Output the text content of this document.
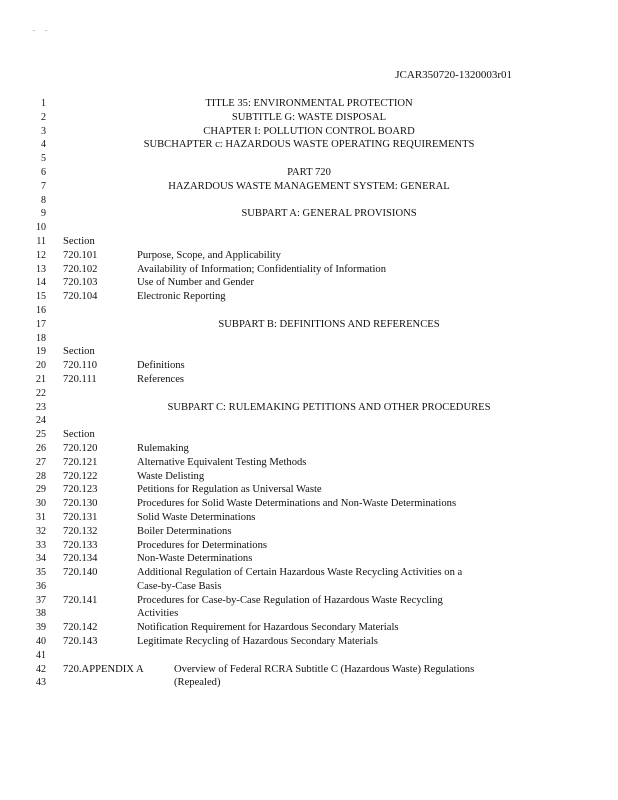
. .
JCAR350720-1320003r01
1	TITLE 35: ENVIRONMENTAL PROTECTION
2	SUBTITLE G: WASTE DISPOSAL
3	CHAPTER I: POLLUTION CONTROL BOARD
4	SUBCHAPTER c: HAZARDOUS WASTE OPERATING REQUIREMENTS
5
6	PART 720
7	HAZARDOUS WASTE MANAGEMENT SYSTEM: GENERAL
8
9	SUBPART A: GENERAL PROVISIONS
10
11 Section
12 720.101	Purpose, Scope, and Applicability
13 720.102	Availability of Information; Confidentiality of Information
14 720.103	Use of Number and Gender
15 720.104	Electronic Reporting
16
17	SUBPART B: DEFINITIONS AND REFERENCES
18
19 Section
20 720.110	Definitions
21 720.111	References
22
23	SUBPART C: RULEMAKING PETITIONS AND OTHER PROCEDURES
24
25 Section
26 720.120	Rulemaking
27 720.121	Alternative Equivalent Testing Methods
28 720.122	Waste Delisting
29 720.123	Petitions for Regulation as Universal Waste
30 720.130	Procedures for Solid Waste Determinations and Non-Waste Determinations
31 720.131	Solid Waste Determinations
32 720.132	Boiler Determinations
33 720.133	Procedures for Determinations
34 720.134	Non-Waste Determinations
35 720.140	Additional Regulation of Certain Hazardous Waste Recycling Activities on a
36	Case-by-Case Basis
37 720.141	Procedures for Case-by-Case Regulation of Hazardous Waste Recycling
38	Activities
39 720.142	Notification Requirement for Hazardous Secondary Materials
40 720.143	Legitimate Recycling of Hazardous Secondary Materials
41
42 720.APPENDIX A	Overview of Federal RCRA Subtitle C (Hazardous Waste) Regulations
43	(Repealed)
